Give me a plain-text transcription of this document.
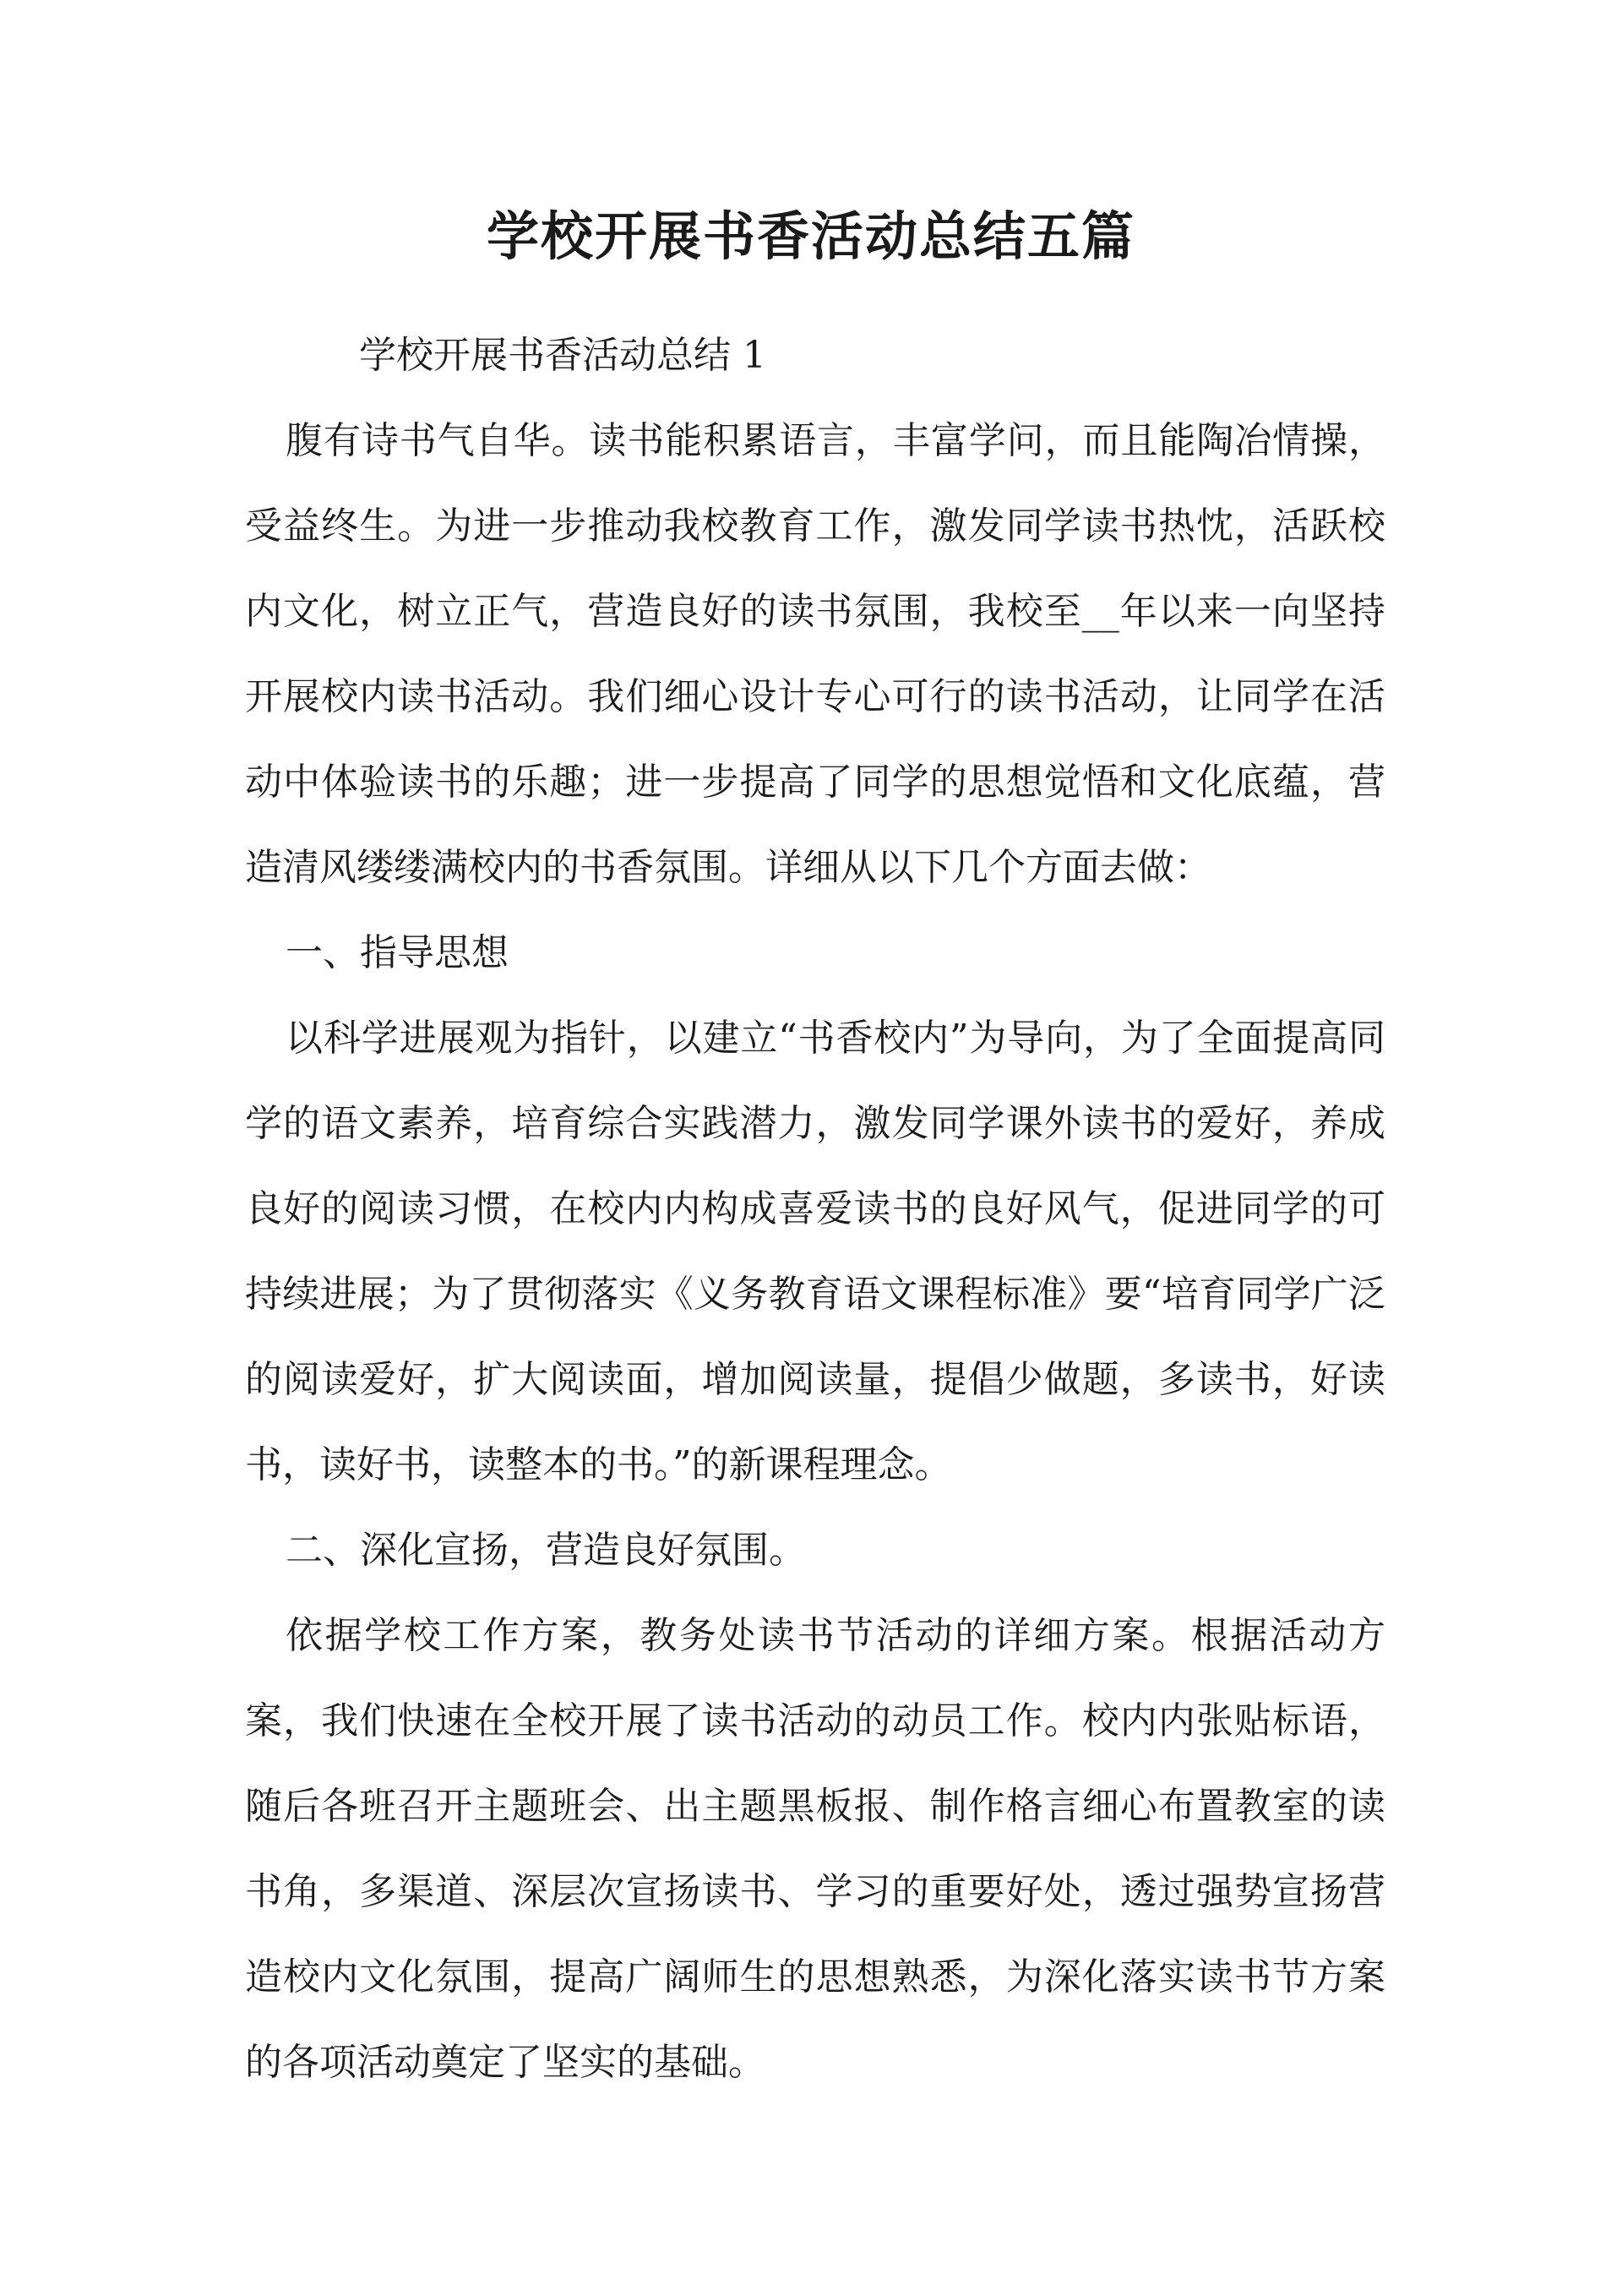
学校开展书香活动总结五篇

学校开展书香活动总结 1

腹有诗书气自华。读书能积累语言，丰富学问，而且能陶冶情操，受益终生。为进一步推动我校教育工作，激发同学读书热忱，活跃校内文化，树立正气，营造良好的读书氛围，我校至__年以来一向坚持开展校内读书活动。我们细心设计专心可行的读书活动，让同学在活动中体验读书的乐趣；进一步提高了同学的思想觉悟和文化底蕴，营造清风缕缕满校内的书香氛围。详细从以下几个方面去做：

一、指导思想

以科学进展观为指针，以建立“书香校内”为导向，为了全面提高同学的语文素养，培育综合实践潜力，激发同学课外读书的爱好，养成良好的阅读习惯，在校内内构成喜爱读书的良好风气，促进同学的可持续进展；为了贯彻落实《义务教育语文课程标准》要“培育同学广泛的阅读爱好，扩大阅读面，增加阅读量，提倡少做题，多读书，好读书，读好书，读整本的书。”的新课程理念。

二、深化宣扬，营造良好氛围。

依据学校工作方案，教务处读书节活动的详细方案。根据活动方案，我们快速在全校开展了读书活动的动员工作。校内内张贴标语，随后各班召开主题班会、出主题黑板报、制作格言细心布置教室的读书角，多渠道、深层次宣扬读书、学习的重要好处，透过强势宣扬营造校内文化氛围，提高广阔师生的思想熟悉，为深化落实读书节方案的各项活动奠定了坚实的基础。
